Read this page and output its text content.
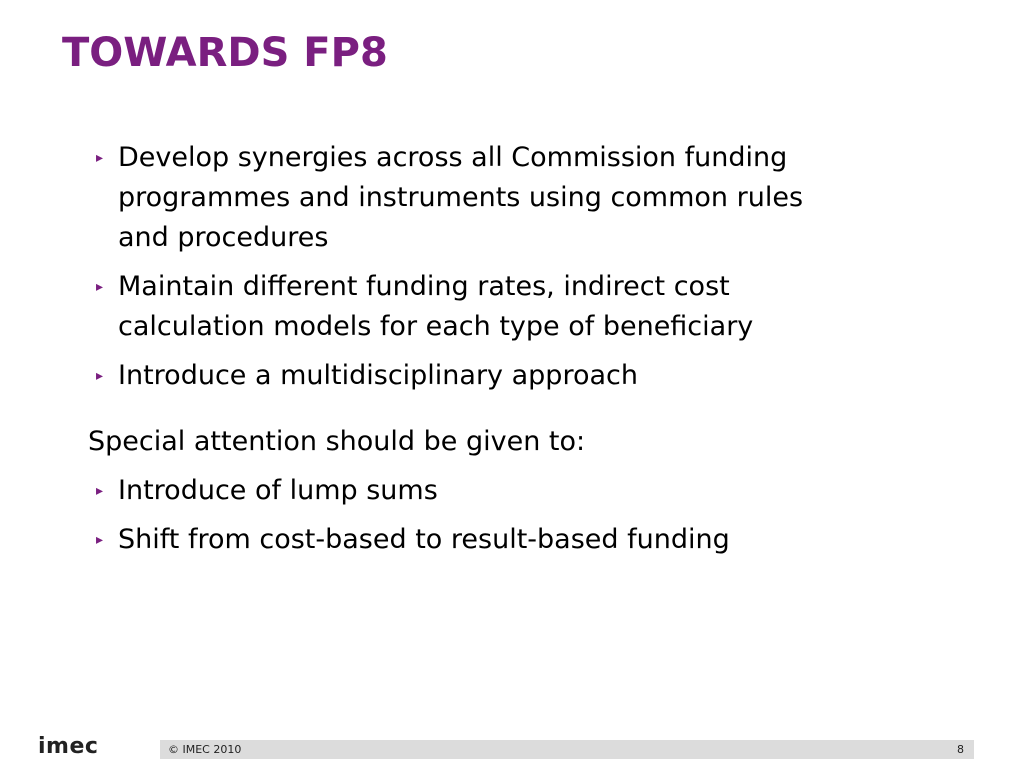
TOWARDS FP8
▸ Develop synergies across all Commission funding programmes and instruments using common rules and procedures
▸ Maintain different funding rates, indirect cost calculation models for each type of beneficiary
▸ Introduce a multidisciplinary approach

Special attention should be given to:

▸ Introduce of lump sums
▸ Shift from cost-based to result-based funding
imec	© IMEC 2010	8
